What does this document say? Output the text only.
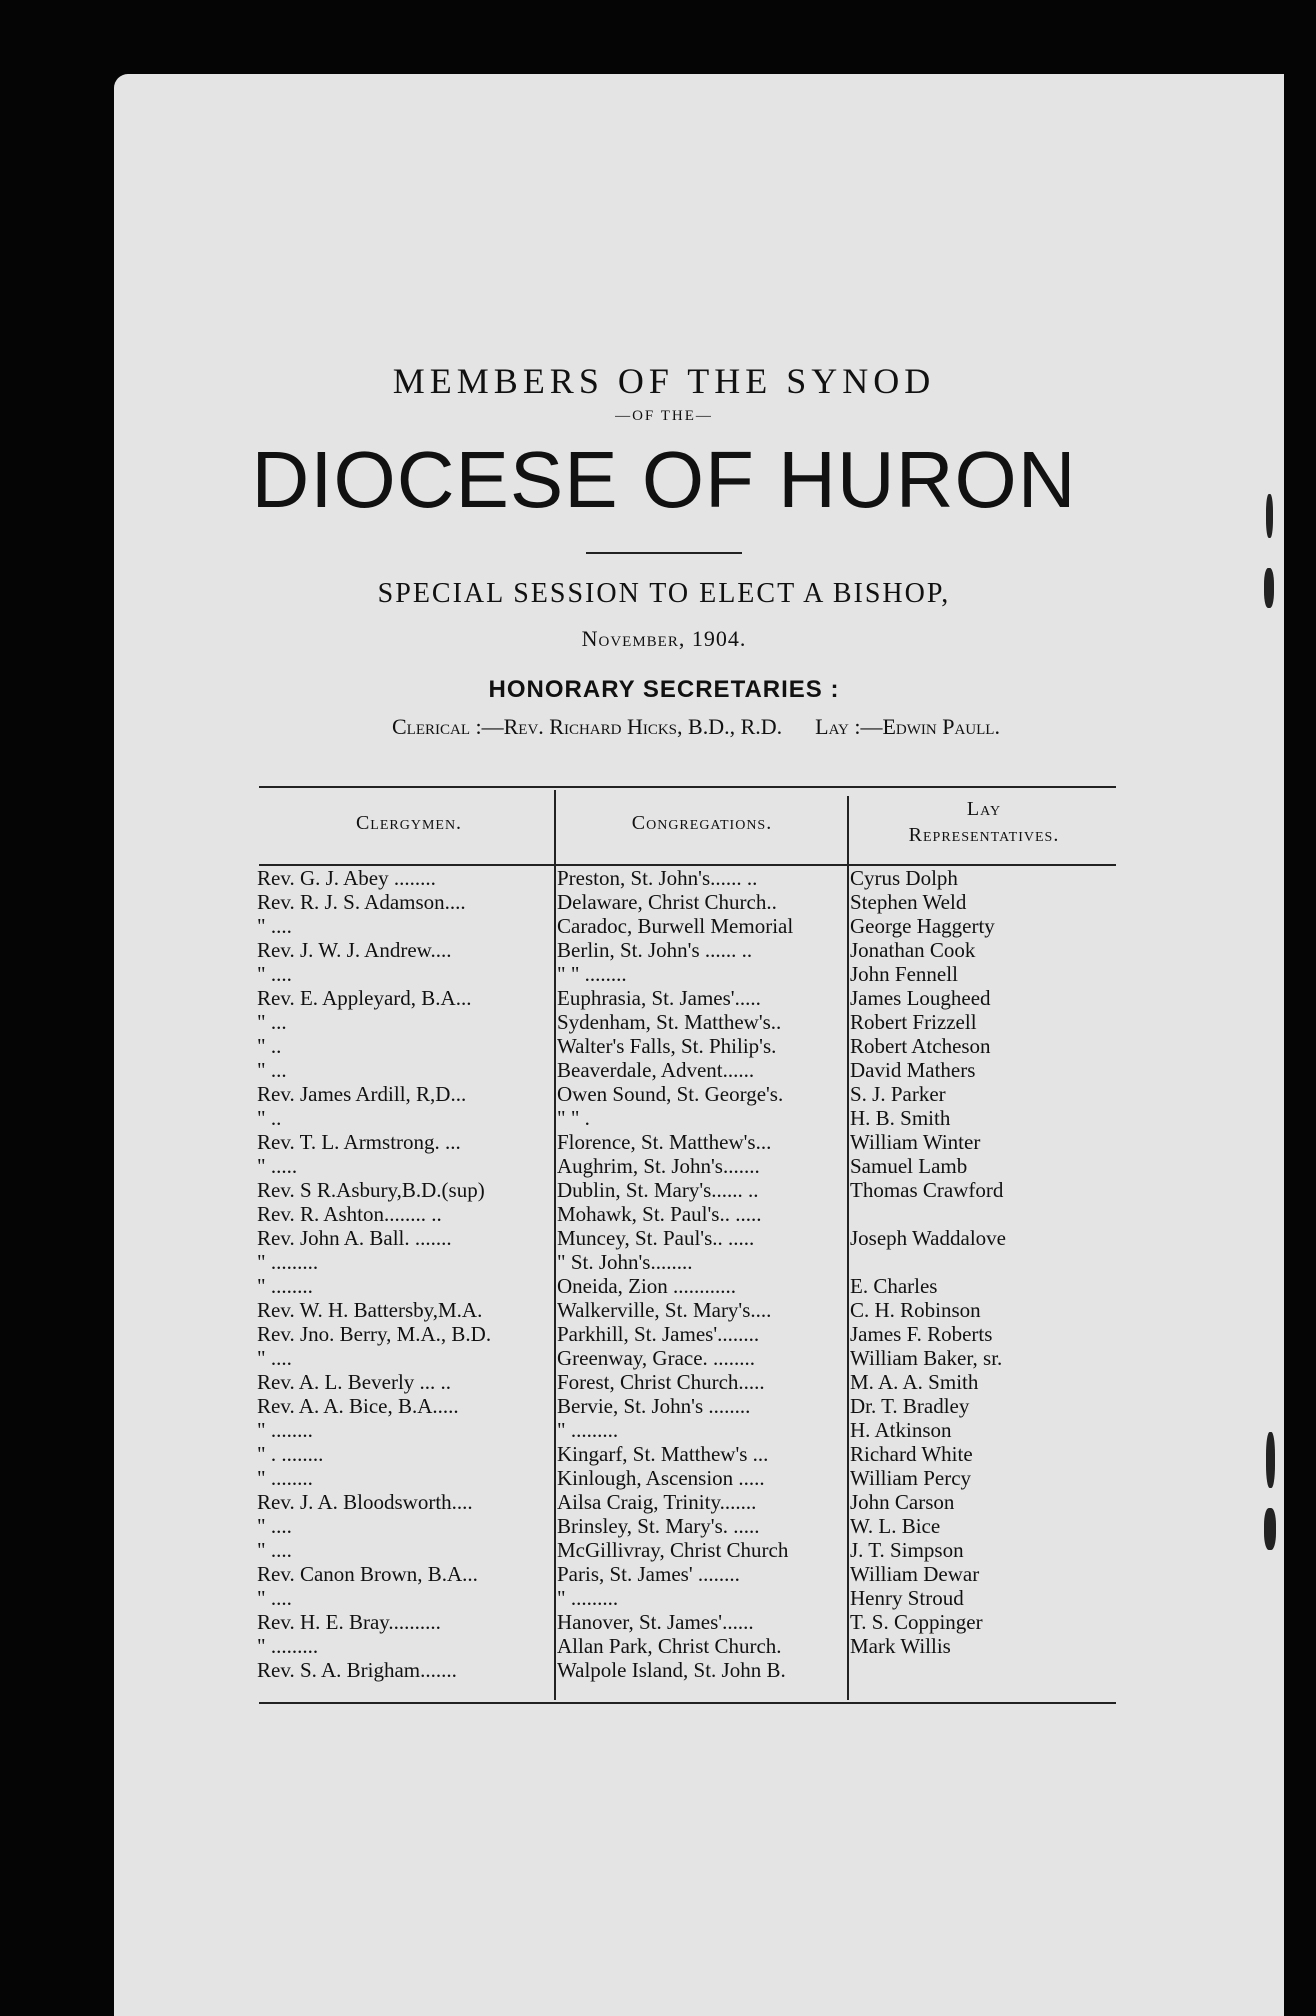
MEMBERS OF THE SYNOD
—OF THE—
DIOCESE OF HURON
SPECIAL SESSION TO ELECT A BISHOP,
November, 1904.
HONORARY SECRETARIES :
Clerical :—Rev. Richard Hicks, B.D., R.D.      Lay :—Edwin Paull.
Clergymen.	Congregations.
Lay
Representatives.
Rev. G. J. Abey ........	Preston, St. John's...... ..	Cyrus Dolph
Rev. R. J. S. Adamson....	Delaware, Christ Church..	Stephen Weld
" ....	Caradoc, Burwell Memorial	George Haggerty
Rev. J. W. J. Andrew....	Berlin, St. John's ...... ..	Jonathan Cook
" ....	" " ........	John Fennell
Rev. E. Appleyard, B.A...	Euphrasia, St. James'.....	James Lougheed
" ...	Sydenham, St. Matthew's..	Robert Frizzell
" ..	Walter's Falls, St. Philip's.	Robert Atcheson
" ...	Beaverdale, Advent......	David Mathers
Rev. James Ardill, R,D...	Owen Sound, St. George's.	S. J. Parker
" ..	" " .	H. B. Smith
Rev. T. L. Armstrong. ...	Florence, St. Matthew's...	William Winter
" .....	Aughrim, St. John's.......	Samuel Lamb
Rev. S R.Asbury,B.D.(sup)	Dublin, St. Mary's...... ..	Thomas Crawford
Rev. R. Ashton........ ..	Mohawk, St. Paul's.. .....
Rev. John A. Ball. .......	Muncey, St. Paul's.. .....	Joseph Waddalove
" .........	" St. John's........
" ........	Oneida, Zion ............	E. Charles
Rev. W. H. Battersby,M.A.	Walkerville, St. Mary's....	C. H. Robinson
Rev. Jno. Berry, M.A., B.D.	Parkhill, St. James'........	James F. Roberts
" ....	Greenway, Grace. ........	William Baker, sr.
Rev. A. L. Beverly ... ..	Forest, Christ Church.....	M. A. A. Smith
Rev. A. A. Bice, B.A.....	Bervie, St. John's ........	Dr. T. Bradley
" ........	" .........	H. Atkinson
" . ........	Kingarf, St. Matthew's ...	Richard White
" ........	Kinlough, Ascension .....	William Percy
Rev. J. A. Bloodsworth....	Ailsa Craig, Trinity.......	John Carson
" ....	Brinsley, St. Mary's. .....	W. L. Bice
" ....	McGillivray, Christ Church	J. T. Simpson
Rev. Canon Brown, B.A...	Paris, St. James' ........	William Dewar
" ....	" .........	Henry Stroud
Rev. H. E. Bray..........	Hanover, St. James'......	T. S. Coppinger
" .........	Allan Park, Christ Church.	Mark Willis
Rev. S. A. Brigham.......	Walpole Island, St. John B.
